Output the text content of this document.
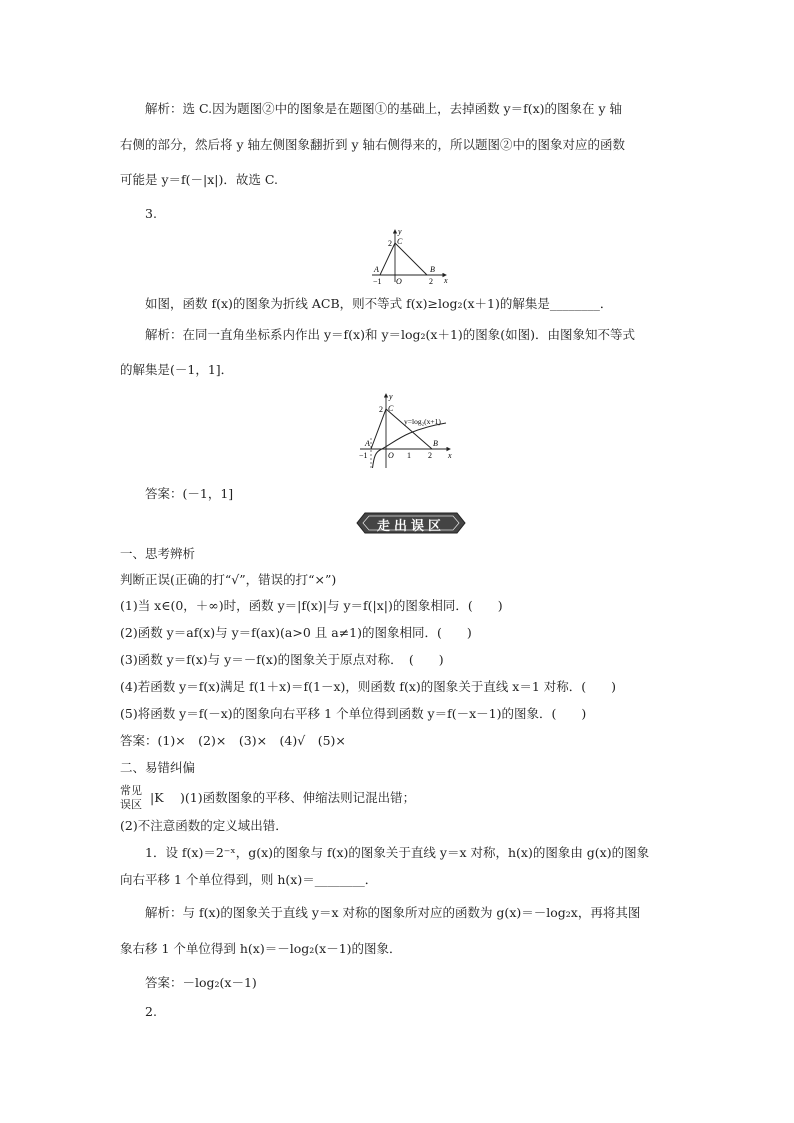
解析：选 C.因为题图②中的图象是在题图①的基础上，去掉函数 y＝f(x)的图象在 y 轴
右侧的部分，然后将 y 轴左侧图象翻折到 y 轴右侧得来的，所以题图②中的图象对应的函数
可能是 y＝f(－|x|)．故选 C.
3.
y
x
2 C
A
−1 O
B
2
如图，函数 f(x)的图象为折线 ACB，则不等式 f(x)≥log₂(x＋1)的解集是________．
解析：在同一直角坐标系内作出 y＝f(x)和 y＝log₂(x＋1)的图象(如图)．由图象知不等式
的解集是(－1，1]．
y
x
2 C
A
−1	O 1
B
2
y=log₂(x+1)
答案：(－1，1]
走出误区
一、思考辨析
判断正误(正确的打“√”，错误的打“×”)
(1)当 x∈(0，＋∞)时，函数 y＝|f(x)|与 y＝f(|x|)的图象相同．(　　)
(2)函数 y＝af(x)与 y＝f(ax)(a>0 且 a≠1)的图象相同．(　　)
(3)函数 y＝f(x)与 y＝－f(x)的图象关于原点对称．　(　　)
(4)若函数 y＝f(x)满足 f(1＋x)＝f(1－x)，则函数 f(x)的图象关于直线 x＝1 对称．(　　)
(5)将函数 y＝f(－x)的图象向右平移 1 个单位得到函数 y＝f(－x－1)的图象．(　　)
答案：(1)×　(2)×　(3)×　(4)√　(5)×
二、易错纠偏
常见
误区 |K )(1)函数图象的平移、伸缩法则记混出错；
(2)不注意函数的定义域出错．
1．设 f(x)＝2⁻ˣ，g(x)的图象与 f(x)的图象关于直线 y＝x 对称，h(x)的图象由 g(x)的图象
向右平移 1 个单位得到，则 h(x)＝________．
解析：与 f(x)的图象关于直线 y＝x 对称的图象所对应的函数为 g(x)＝－log₂x，再将其图
象右移 1 个单位得到 h(x)＝－log₂(x－1)的图象．
答案：－log₂(x－1)
2.
